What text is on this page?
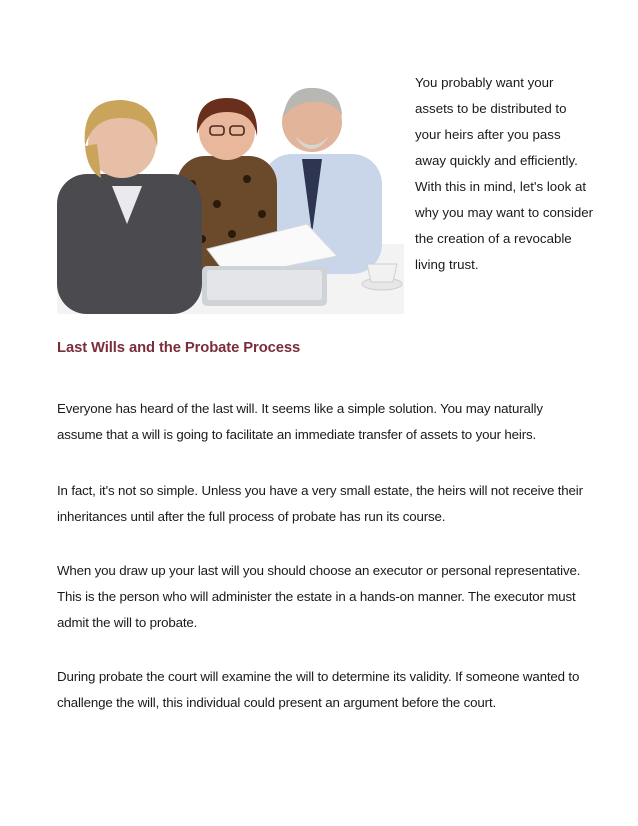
You probably want your assets to be distributed to your heirs after you pass away quickly and efficiently. With this in mind, let's look at why you may want to consider the creation of a revocable living trust.

Last Wills and the Probate Process

Everyone has heard of the last will. It seems like a simple solution. You may naturally assume that a will is going to facilitate an immediate transfer of assets to your heirs.

In fact, it's not so simple. Unless you have a very small estate, the heirs will not receive their inheritances until after the full process of probate has run its course.

When you draw up your last will you should choose an executor or personal representative. This is the person who will administer the estate in a hands-on manner. The executor must admit the will to probate.

During probate the court will examine the will to determine its validity. If someone wanted to challenge the will, this individual could present an argument before the court.
